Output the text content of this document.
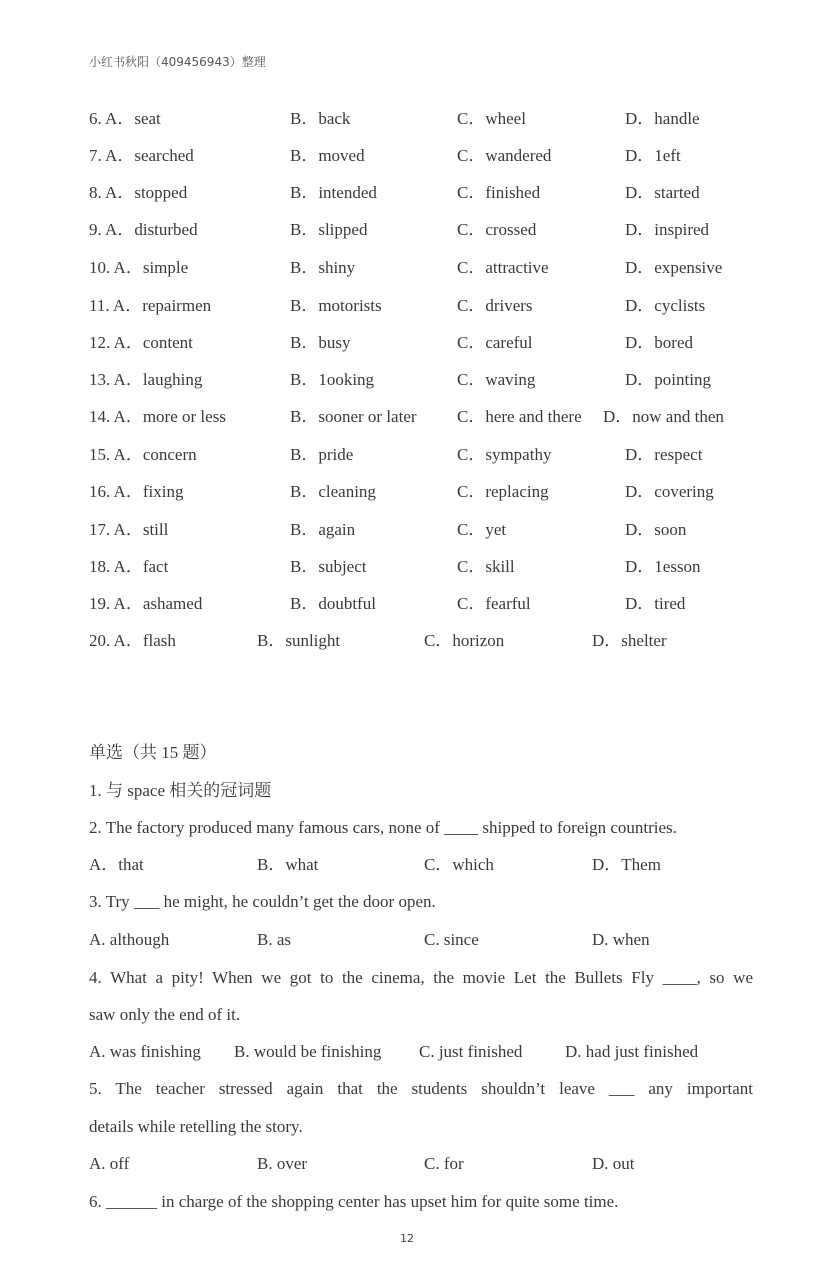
小红书秋阳（409456943）整理
6. A．seat	B．back	C．wheel	D．handle
7. A．searched	B．moved	C．wandered	D．1eft
8. A．stopped	B．intended	C．finished	D．started
9. A．disturbed	B．slipped	C．crossed	D．inspired
10. A．simple	B．shiny	C．attractive	D．expensive
11. A．repairmen	B．motorists	C．drivers	D．cyclists
12. A．content	B．busy	C．careful	D．bored
13. A．laughing	B．1ooking	C．waving	D．pointing
14. A．more or less	B．sooner or later C．here and there D．now and then
15. A．concern	B．pride	C．sympathy	D．respect
16. A．fixing	B．cleaning	C．replacing	D．covering
17. A．still	B．again	C．yet	D．soon
18. A．fact	B．subject	C．skill	D．1esson
19. A．ashamed	B．doubtful	C．fearful	D．tired
20. A．flash	B．sunlight	C．horizon	D．shelter
单选（共 15 题）
1. 与 space 相关的冠词题
2. The factory produced many famous cars, none of ____ shipped to foreign countries.
A．that	B．what	C．which	D．Them
3. Try ___ he might, he couldn’t get the door open.
A. although	B. as	C. since	D. when
4. What a pity! When we got to the cinema, the movie Let the Bullets Fly ____, so we
saw only the end of it.
A. was finishing B. would be finishing C. just finished	D. had just finished
5. The teacher stressed again that the students shouldn’t leave ___ any important
details while retelling the story.
A. off	B. over	C. for	D. out
6. ______ in charge of the shopping center has upset him for quite some time.
12
